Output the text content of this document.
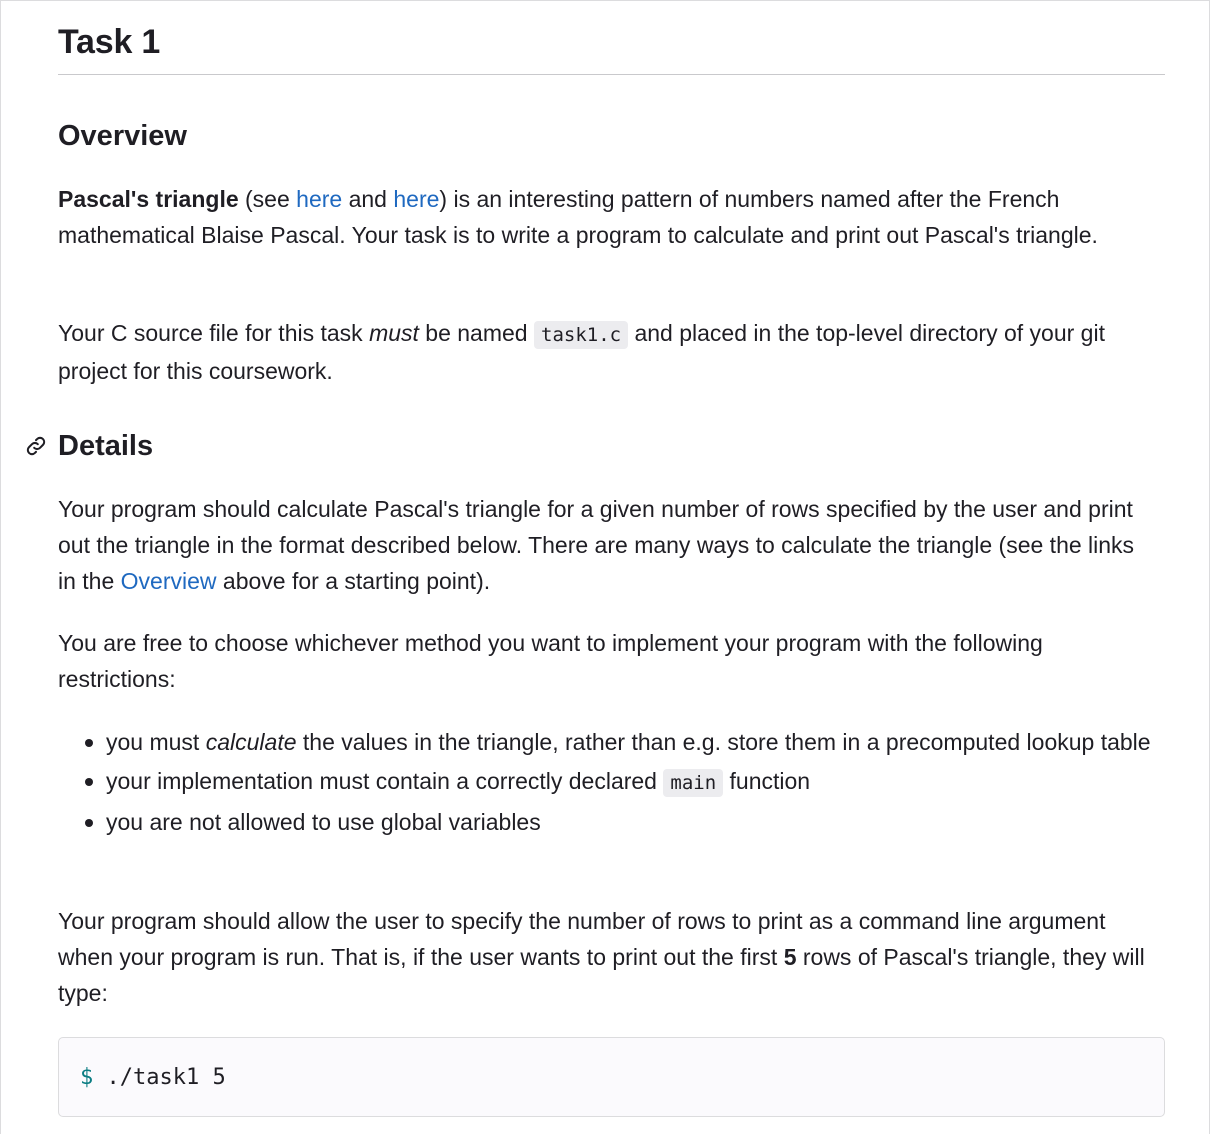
Task 1
Overview

Pascal's triangle (see here and here) is an interesting pattern of numbers named after the French mathematical Blaise Pascal. Your task is to write a program to calculate and print out Pascal's triangle.

Your C source file for this task must be named task1.c and placed in the top-level directory of your git project for this coursework.

Details

Your program should calculate Pascal's triangle for a given number of rows specified by the user and print out the triangle in the format described below. There are many ways to calculate the triangle (see the links in the Overview above for a starting point).

You are free to choose whichever method you want to implement your program with the following restrictions:

you must calculate the values in the triangle, rather than e.g. store them in a precomputed lookup table
your implementation must contain a correctly declared main function
you are not allowed to use global variables

Your program should allow the user to specify the number of rows to print as a command line argument when your program is run. That is, if the user wants to print out the first 5 rows of Pascal's triangle, they will type:

$ ./task1 5
